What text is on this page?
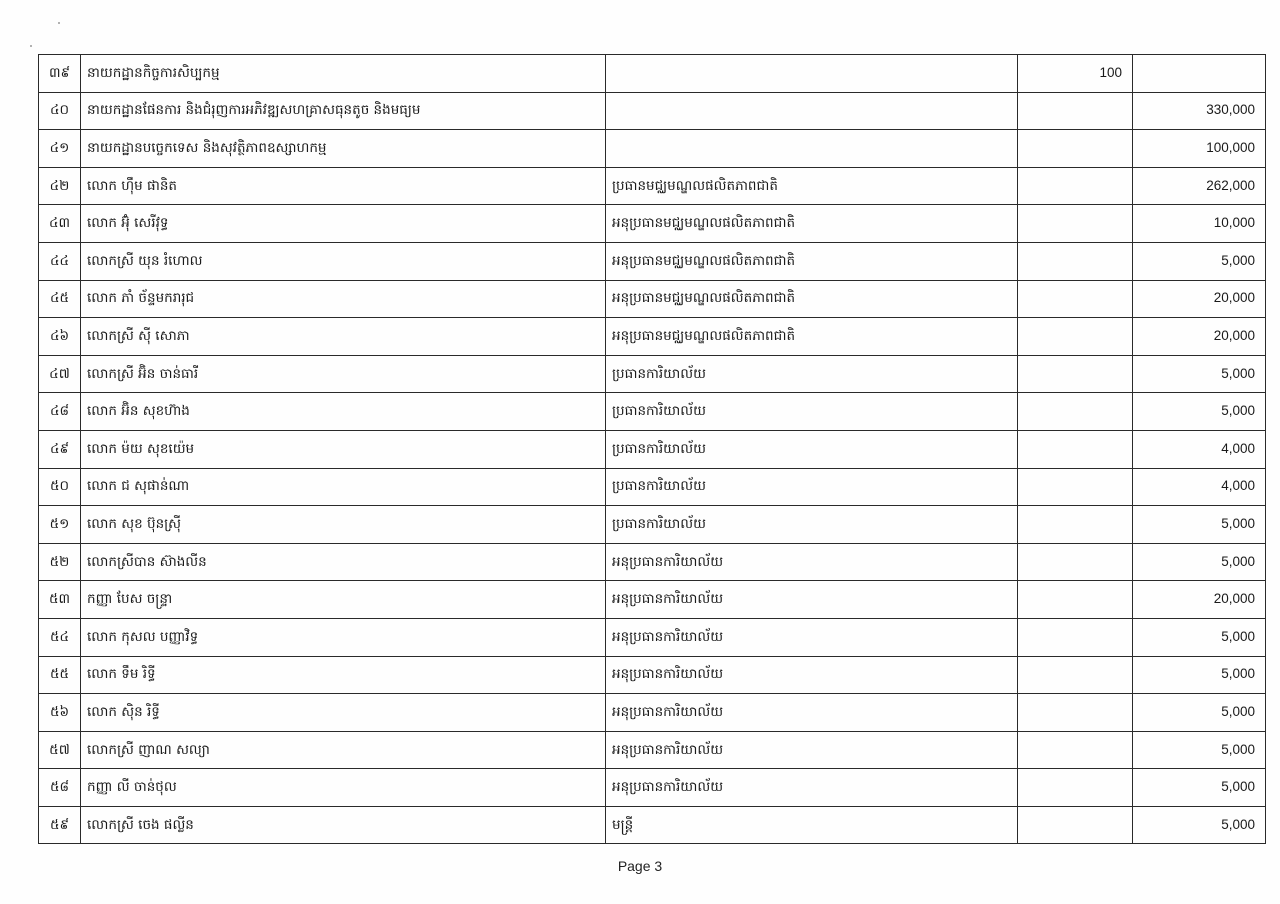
៣៩	នាយកដ្ឋានកិច្ចការសិប្បកម្ម		100	
៤០	នាយកដ្ឋានផែនការ និងជំរុញការអភិវឌ្ឍសហគ្រាសធុនតូច និងមធ្យម			330,000
៤១	នាយកដ្ឋានបច្ចេកទេស និងសុវត្ថិភាពឧស្សាហកម្ម			100,000
៤២	លោក ហ៊ឹម ផានិត	ប្រធានមជ្ឈមណ្ឌលផលិតភាពជាតិ		262,000
៤៣	លោក អ៊ុំ សេរីវុទ្ធ	អនុប្រធានមជ្ឈមណ្ឌលផលិតភាពជាតិ		10,000
៤៤	លោកស្រី យុន រំហោល	អនុប្រធានមជ្ឈមណ្ឌលផលិតភាពជាតិ		5,000
៤៥	លោក ភាំ ច័ន្ទមករារុជ	អនុប្រធានមជ្ឈមណ្ឌលផលិតភាពជាតិ		20,000
៤៦	លោកស្រី ស៊ី សោភា	អនុប្រធានមជ្ឈមណ្ឌលផលិតភាពជាតិ		20,000
៤៧	លោកស្រី អ៊ិន ចាន់ធារី	ប្រធានការិយាល័យ		5,000
៤៨	លោក អ៊ិន សុខហ៊ាង	ប្រធានការិយាល័យ		5,000
៤៩	លោក ម៉យ សុខយ៉េម	ប្រធានការិយាល័យ		4,000
៥០	លោក ជ សុផាន់ណា	ប្រធានការិយាល័យ		4,000
៥១	លោក សុខ ប៊ុនស្រ៊ី	ប្រធានការិយាល័យ		5,000
៥២	លោកស្រីបាន ស៊ាងលីន	អនុប្រធានការិយាល័យ		5,000
៥៣	កញ្ញា បែស ចន្ទ្រា	អនុប្រធានការិយាល័យ		20,000
៥៤	លោក កុសល បញ្ញាវិទ្ធ	អនុប្រធានការិយាល័យ		5,000
៥៥	លោក ទឹម រិទ្ធី	អនុប្រធានការិយាល័យ		5,000
៥៦	លោក ស៊ិន រិទ្ធី	អនុប្រធានការិយាល័យ		5,000
៥៧	លោកស្រី ញាណ សល្យា	អនុប្រធានការិយាល័យ		5,000
៥៨	កញ្ញា លី ចាន់ថុល	អនុប្រធានការិយាល័យ		5,000
៥៩	លោកស្រី ចេង ផល្លីន	មន្ត្រី		5,000
Page 3
